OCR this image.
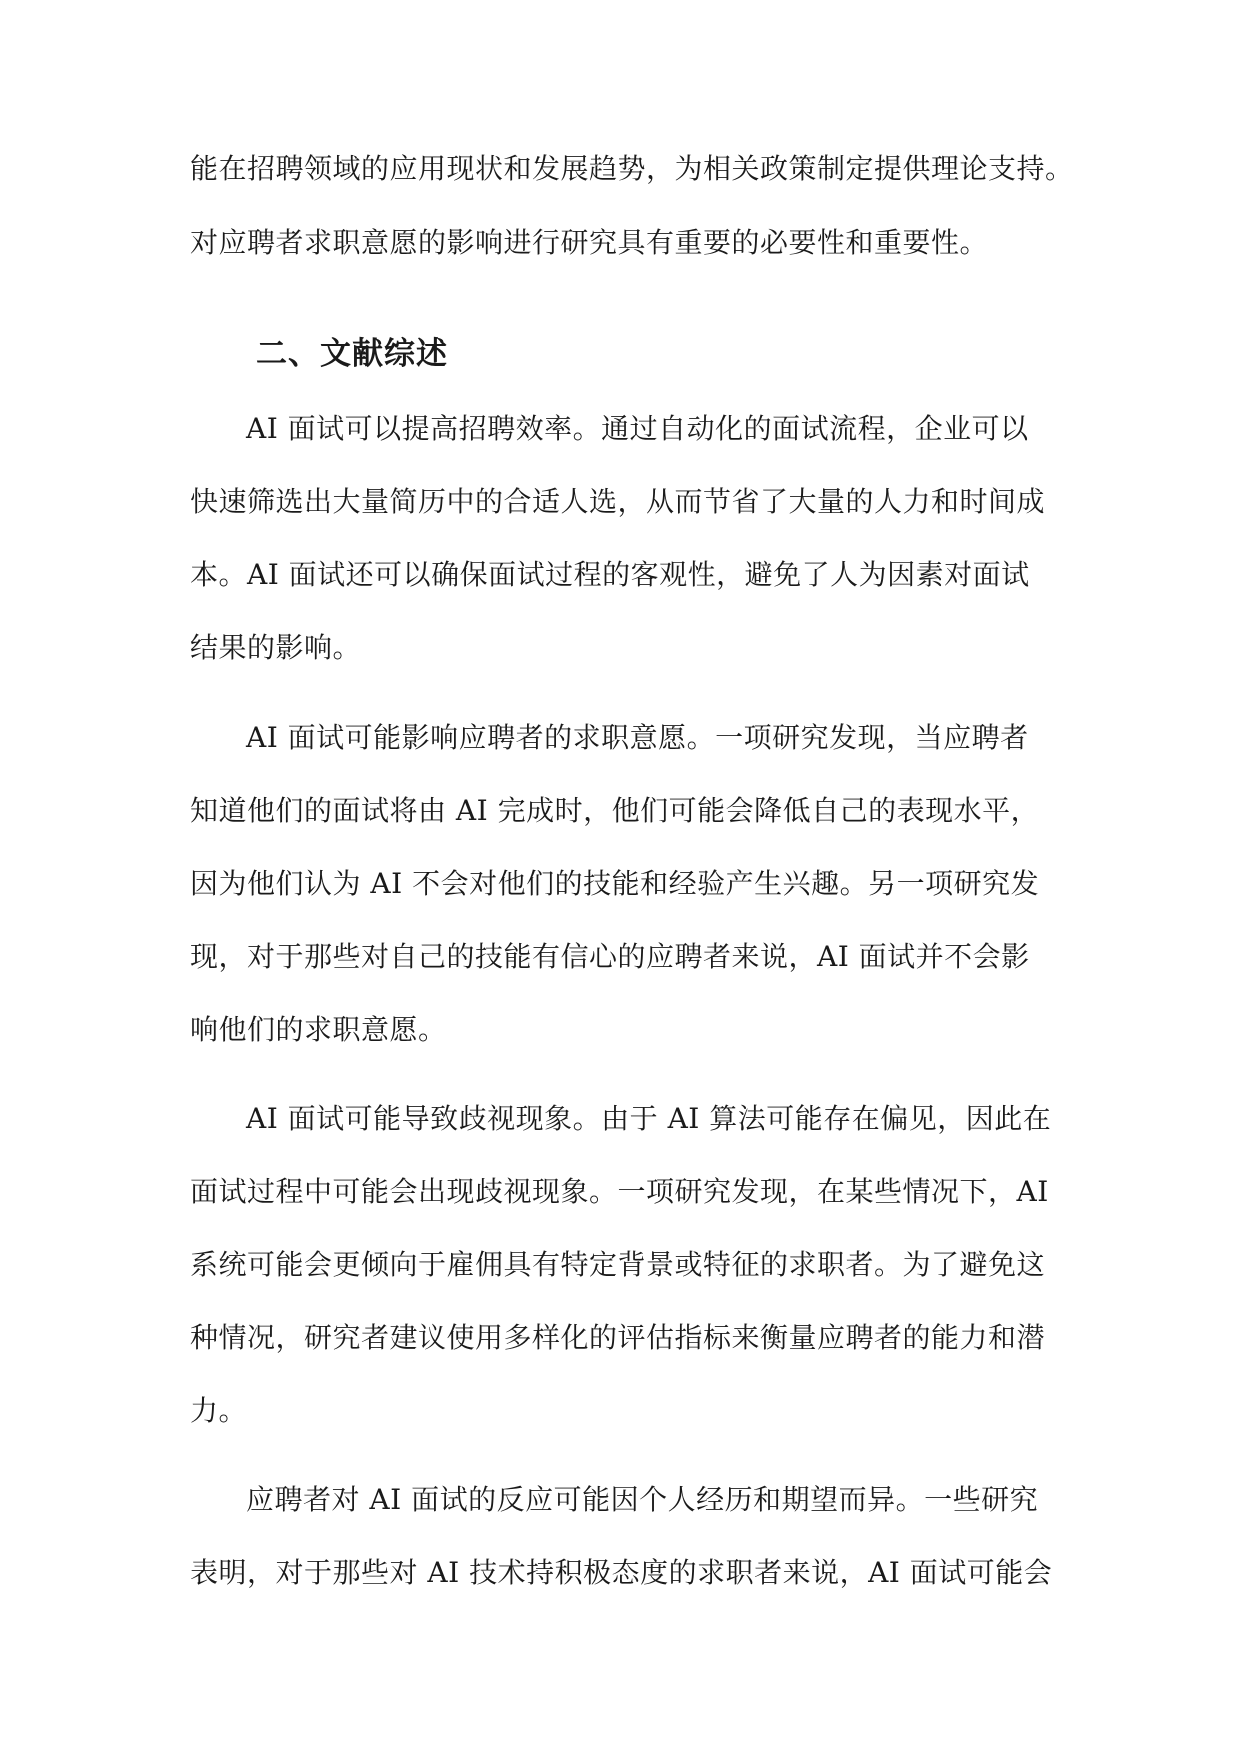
能在招聘领域的应用现状和发展趋势，为相关政策制定提供理论支持。
对应聘者求职意愿的影响进行研究具有重要的必要性和重要性。
二、文献综述
AI 面试可以提高招聘效率。通过自动化的面试流程，企业可以
快速筛选出大量简历中的合适人选，从而节省了大量的人力和时间成
本。AI 面试还可以确保面试过程的客观性，避免了人为因素对面试
结果的影响。
AI 面试可能影响应聘者的求职意愿。一项研究发现，当应聘者
知道他们的面试将由 AI 完成时，他们可能会降低自己的表现水平，
因为他们认为 AI 不会对他们的技能和经验产生兴趣。另一项研究发
现，对于那些对自己的技能有信心的应聘者来说，AI 面试并不会影
响他们的求职意愿。
AI 面试可能导致歧视现象。由于 AI 算法可能存在偏见，因此在
面试过程中可能会出现歧视现象。一项研究发现，在某些情况下，AI
系统可能会更倾向于雇佣具有特定背景或特征的求职者。为了避免这
种情况，研究者建议使用多样化的评估指标来衡量应聘者的能力和潜
力。
应聘者对 AI 面试的反应可能因个人经历和期望而异。一些研究
表明，对于那些对 AI 技术持积极态度的求职者来说，AI 面试可能会
